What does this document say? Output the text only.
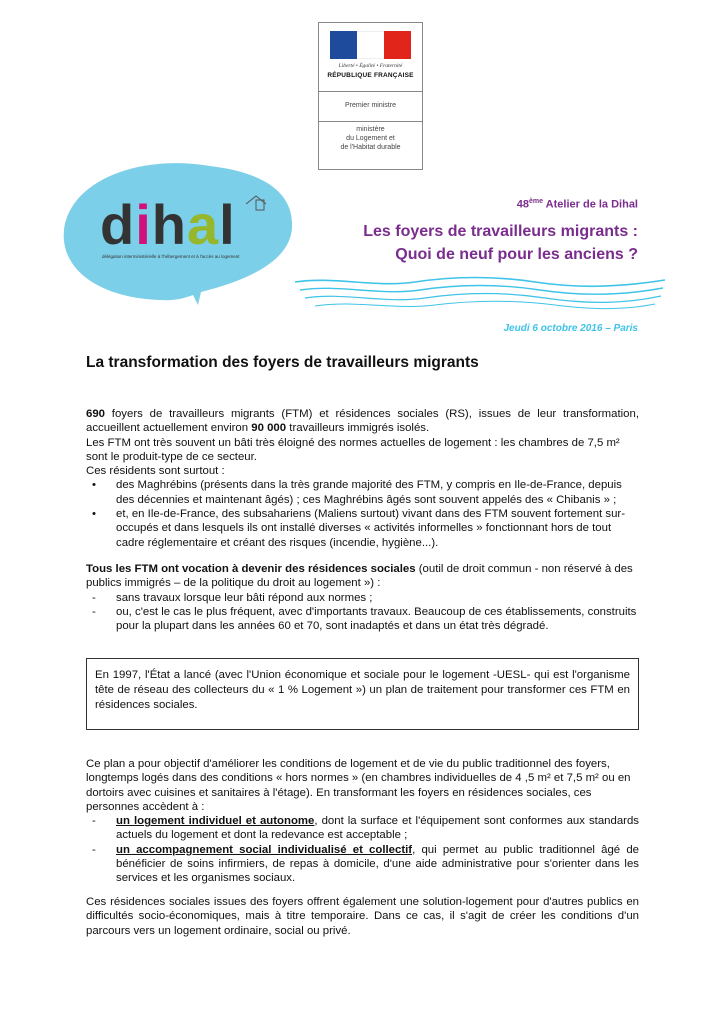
Liberté • Égalité • Fraternité
RÉPUBLIQUE FRANÇAISE
Premier ministre
ministère
du Logement et
de l'Habitat durable
dihal
délégation interministérielle à l'hébergement et à l'accès au logement
48ème Atelier de la Dihal
Les foyers de travailleurs migrants :
Quoi de neuf pour les anciens ?
Jeudi 6 octobre 2016 – Paris
La transformation des foyers de travailleurs migrants

690 foyers de travailleurs migrants (FTM) et résidences sociales (RS), issues de leur transformation, accueillent actuellement environ 90 000 travailleurs immigrés isolés.

Les FTM ont très souvent un bâti très éloigné des normes actuelles de logement : les chambres de 7,5 m² sont le produit-type de ce secteur.

Ces résidents sont surtout :

• des Maghrébins (présents dans la très grande majorité des FTM, y compris en Ile-de-France, depuis des décennies et maintenant âgés) ; ces Maghrébins âgés sont souvent appelés des « Chibanis » ;
• et, en Ile-de-France, des subsahariens (Maliens surtout) vivant dans des FTM souvent fortement sur-occupés et dans lesquels ils ont installé diverses « activités informelles » fonctionnant hors de tout cadre réglementaire et créant des risques (incendie, hygiène...).

Tous les FTM ont vocation à devenir des résidences sociales (outil de droit commun - non réservé à des publics immigrés – de la politique du droit au logement ») :

- sans travaux lorsque leur bâti répond aux normes ;
- ou, c'est le cas le plus fréquent, avec d'importants travaux. Beaucoup de ces établissements, construits pour la plupart dans les années 60 et 70, sont inadaptés et dans un état très dégradé.

En 1997, l'État a lancé (avec l'Union économique et sociale pour le logement -UESL- qui est l'organisme tête de réseau des collecteurs du « 1 % Logement ») un plan de traitement pour transformer ces FTM en résidences sociales.

Ce plan a pour objectif d'améliorer les conditions de logement et de vie du public traditionnel des foyers, longtemps logés dans des conditions « hors normes » (en chambres individuelles de 4 ,5 m² et 7,5 m² ou en dortoirs avec cuisines et sanitaires à l'étage). En transformant les foyers en résidences sociales, ces personnes accèdent à :

- un logement individuel et autonome, dont la surface et l'équipement sont conformes aux standards actuels du logement et dont la redevance est acceptable ;
- un accompagnement social individualisé et collectif, qui permet au public traditionnel âgé de bénéficier de soins infirmiers, de repas à domicile, d'une aide administrative pour s'orienter dans les services et les organismes sociaux.

Ces résidences sociales issues des foyers offrent également une solution-logement pour d'autres publics en difficultés socio-économiques, mais à titre temporaire. Dans ce cas, il s'agit de créer les conditions d'un parcours vers un logement ordinaire, social ou privé.
